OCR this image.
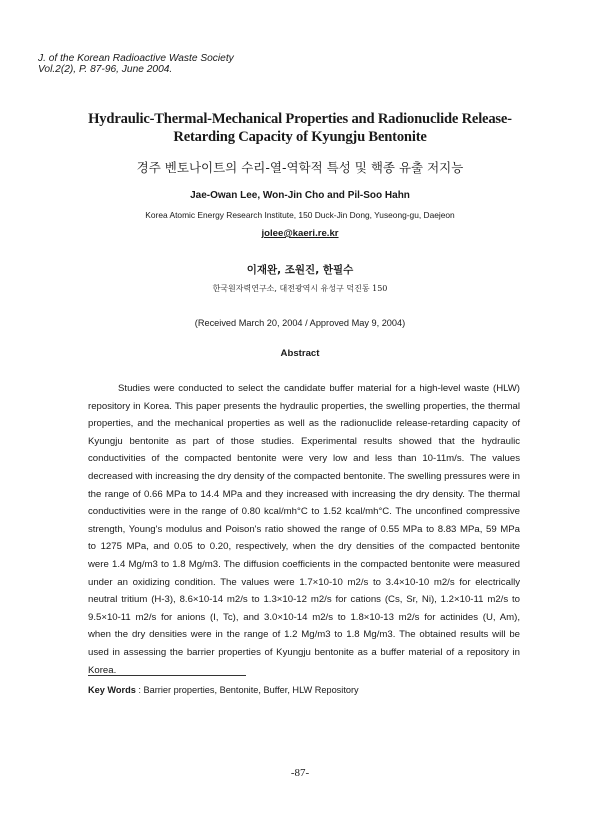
J. of the Korean Radioactive Waste Society
Vol.2(2), P. 87-96, June 2004.
Hydraulic-Thermal-Mechanical Properties and Radionuclide Release-
Retarding Capacity of Kyungju Bentonite
경주 벤토나이트의 수리-열-역학적 특성 및 핵종 유출 저지능
Jae-Owan Lee, Won-Jin Cho and Pil-Soo Hahn
Korea Atomic Energy Research Institute, 150 Duck-Jin Dong, Yuseong-gu, Daejeon
jolee@kaeri.re.kr
이재완, 조원진, 한필수
한국원자력연구소, 대전광역시 유성구 덕진동 150
(Received March 20, 2004 / Approved May 9, 2004)
Abstract
Studies were conducted to select the candidate buffer material for a high-level waste (HLW)
repository in Korea. This paper presents the hydraulic properties, the swelling properties, the thermal
properties, and the mechanical properties as well as the radionuclide release-retarding capacity of
Kyungju bentonite as part of those studies. Experimental results showed that the hydraulic
conductivities of the compacted bentonite were very low and less than 10-11m/s. The values
decreased with increasing the dry density of the compacted bentonite. The swelling pressures were in
the range of 0.66 MPa to 14.4 MPa and they increased with increasing the dry density. The thermal
conductivities were in the range of 0.80 kcal/mh°C to 1.52 kcal/mh°C. The unconfined compressive
strength, Young's modulus and Poison's ratio showed the range of 0.55 MPa to 8.83 MPa, 59 MPa
to 1275 MPa, and 0.05 to 0.20, respectively, when the dry densities of the compacted bentonite
were 1.4 Mg/m3 to 1.8 Mg/m3. The diffusion coefficients in the compacted bentonite were measured
under an oxidizing condition. The values were 1.7×10-10 m2/s to 3.4×10-10 m2/s for electrically
neutral tritium (H-3), 8.6×10-14 m2/s to 1.3×10-12 m2/s for cations (Cs, Sr, Ni), 1.2×10-11 m2/s to
9.5×10-11 m2/s for anions (I, Tc), and 3.0×10-14 m2/s to 1.8×10-13 m2/s for actinides (U, Am),
when the dry densities were in the range of 1.2 Mg/m3 to 1.8 Mg/m3. The obtained results will be
used in assessing the barrier properties of Kyungju bentonite as a buffer material of a repository in
Korea.
Key Words : Barrier properties, Bentonite, Buffer, HLW Repository
-87-
